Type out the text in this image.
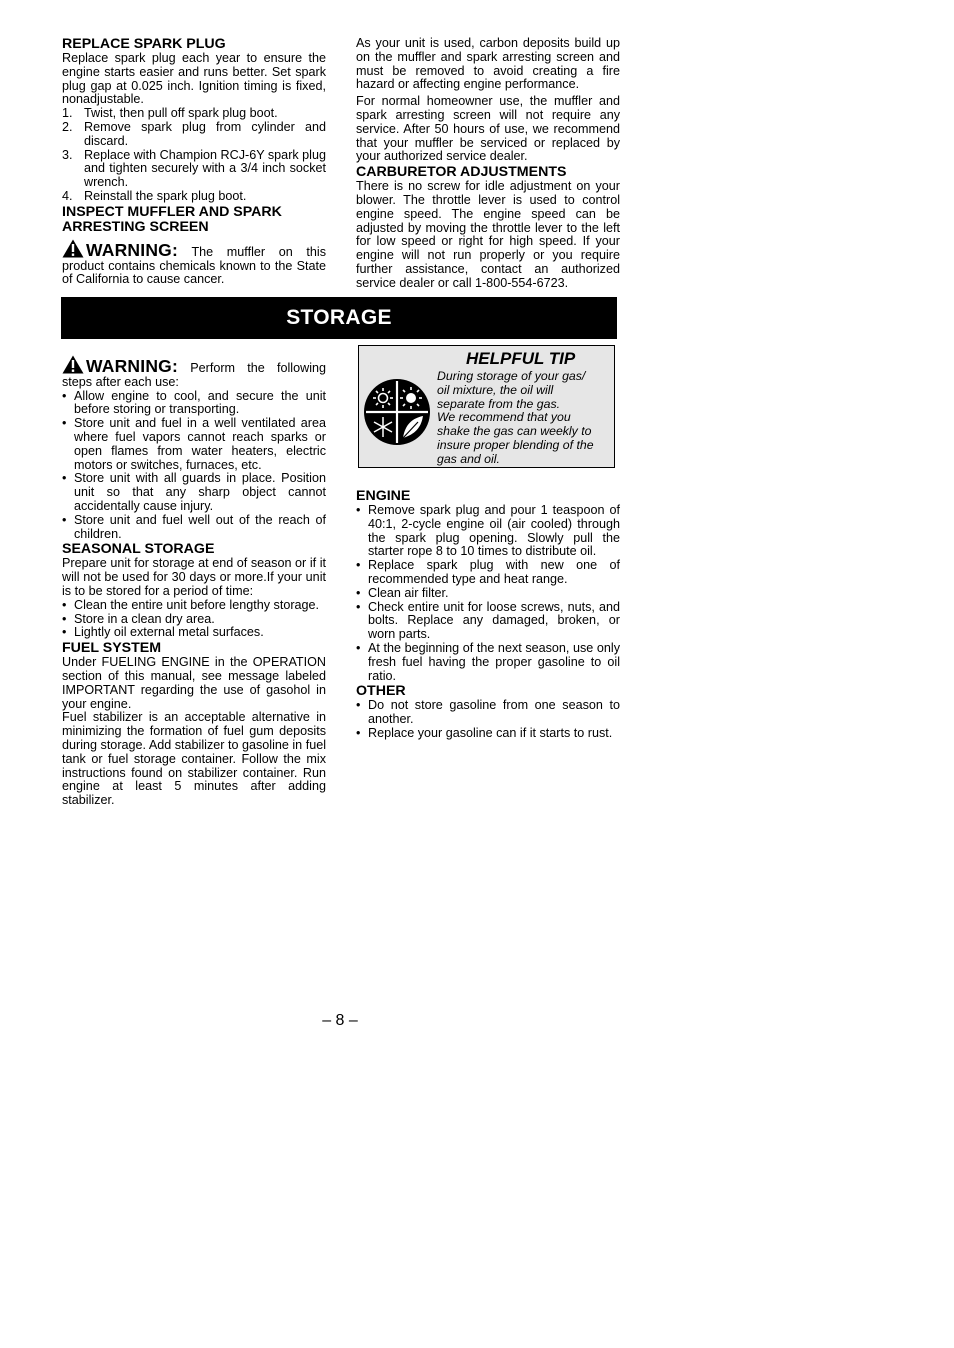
REPLACE SPARK PLUG

Replace spark plug each year to ensure the engine starts easier and runs better. Set spark plug gap at 0.025 inch. Ignition timing is fixed, nonadjustable.

1. Twist, then pull off spark plug boot.
2. Remove spark plug from cylinder and discard.
3. Replace with Champion RCJ-6Y spark plug and tighten securely with a 3/4 inch socket wrench.
4. Reinstall the spark plug boot.
INSPECT MUFFLER AND SPARK
ARRESTING SCREEN

WARNING: The muffler on this product contains chemicals known to the State of California to cause cancer.

As your unit is used, carbon deposits build up on the muffler and spark arresting screen and must be removed to avoid creating a fire hazard or affecting engine performance.

For normal homeowner use, the muffler and spark arresting screen will not require any service. After 50 hours of use, we recommend that your muffler be serviced or replaced by your authorized service dealer.

CARBURETOR ADJUSTMENTS

There is no screw for idle adjustment on your blower. The throttle lever is used to control engine speed. The engine speed can be adjusted by moving the throttle lever to the left for low speed or right for high speed. If your engine will not run properly or you require further assistance, contact an authorized service dealer or call 1-800-554-6723.

STORAGE

WARNING: Perform the following steps after each use:

• Allow engine to cool, and secure the unit before storing or transporting.
• Store unit and fuel in a well ventilated area where fuel vapors cannot reach sparks or open flames from water heaters, electric motors or switches, furnaces, etc.
• Store unit with all guards in place. Position unit so that any sharp object cannot accidentally cause injury.
• Store unit and fuel well out of the reach of children.
SEASONAL STORAGE

Prepare unit for storage at end of season or if it will not be used for 30 days or more.If your unit is to be stored for a period of time:

• Clean the entire unit before lengthy storage.
• Store in a clean dry area.
• Lightly oil external metal surfaces.
FUEL SYSTEM

Under FUELING ENGINE in the OPERATION section of this manual, see message labeled IMPORTANT regarding the use of gasohol in your engine.

Fuel stabilizer is an acceptable alternative in minimizing the formation of fuel gum deposits during storage. Add stabilizer to gasoline in fuel tank or fuel storage container. Follow the mix instructions found on stabilizer container. Run engine at least 5 minutes after adding stabilizer.

HELPFUL TIP
During storage of your gas/ oil mixture, the oil will separate from the gas.
We recommend that you shake the gas can weekly to insure proper blending of the gas and oil.
ENGINE
• Remove spark plug and pour 1 teaspoon of 40:1, 2-cycle engine oil (air cooled) through the spark plug opening. Slowly pull the starter rope 8 to 10 times to distribute oil.
• Replace spark plug with new one of recommended type and heat range.
• Clean air filter.
• Check entire unit for loose screws, nuts, and bolts. Replace any damaged, broken, or worn parts.
• At the beginning of the next season, use only fresh fuel having the proper gasoline to oil ratio.
OTHER
• Do not store gasoline from one season to another.
• Replace your gasoline can if it starts to rust.
– 8 –
